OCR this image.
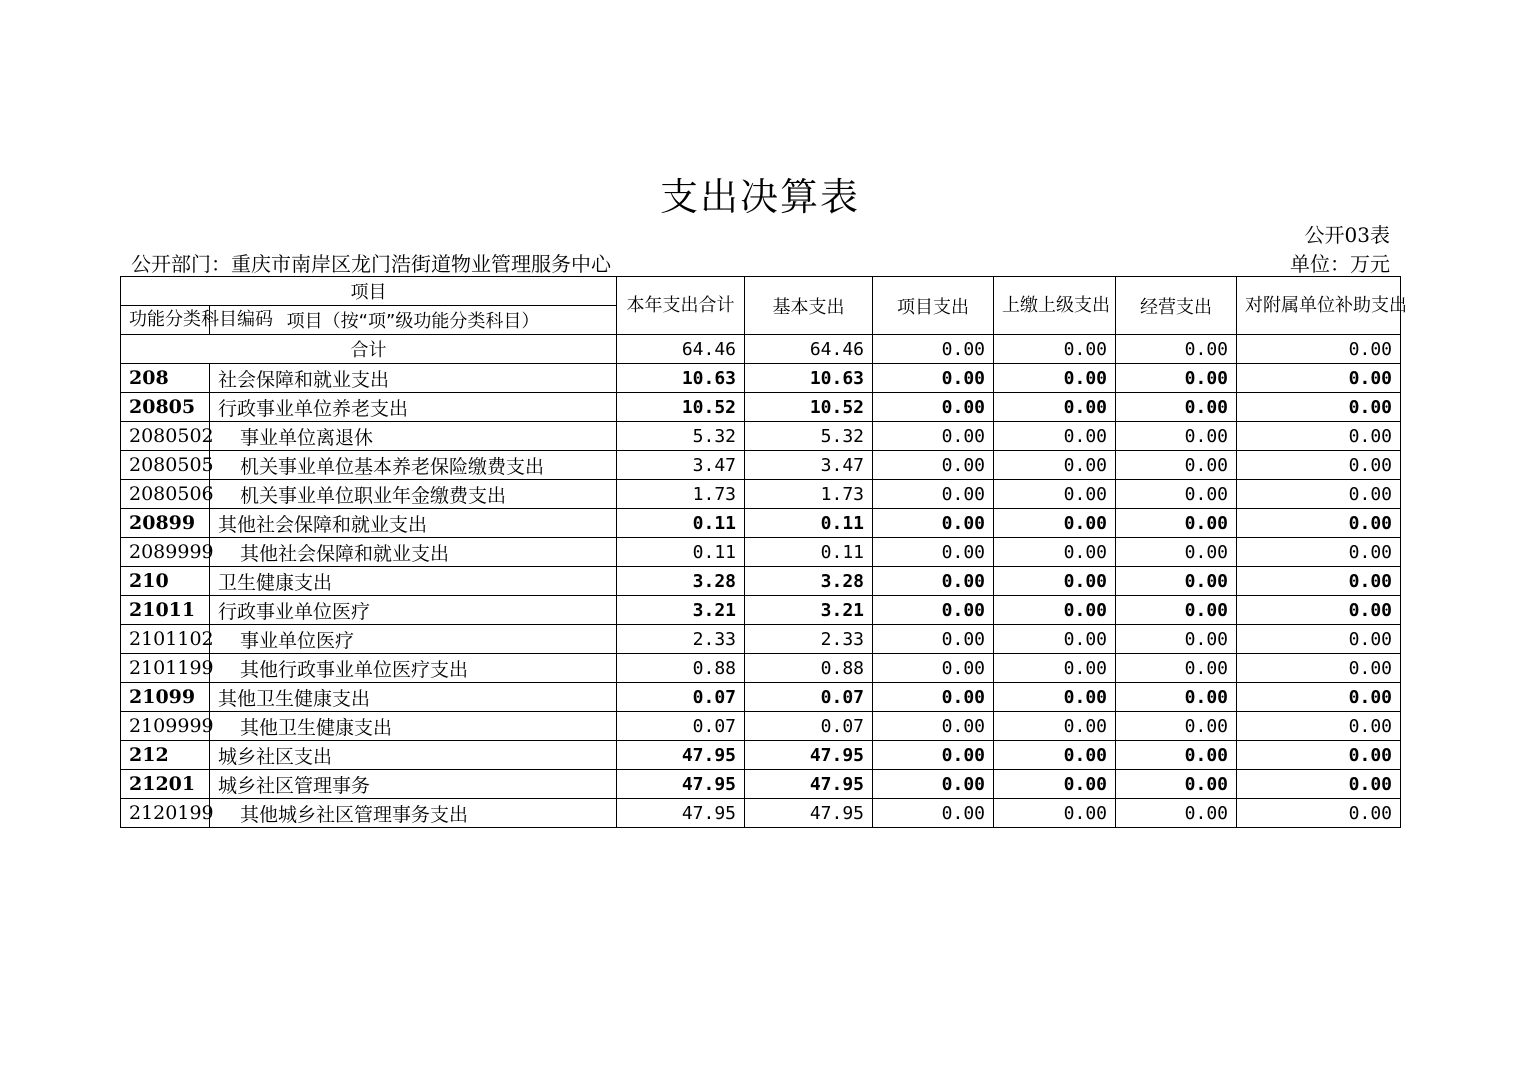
支出决算表
公开03表
公开部门：重庆市南岸区龙门浩街道物业管理服务中心	单位：万元
项目		本年支出合计	基本支出	项目支出	上缴上级支出	经营支出	对附属单位补助支出
功能分类科目编码	项目（按“项”级功能分类科目）						
合计		64.46	64.46	0.00	0.00	0.00	0.00
208	社会保障和就业支出	10.63	10.63	0.00	0.00	0.00	0.00
20805	行政事业单位养老支出	10.52	10.52	0.00	0.00	0.00	0.00
2080502	事业单位离退休	5.32	5.32	0.00	0.00	0.00	0.00
2080505	机关事业单位基本养老保险缴费支出	3.47	3.47	0.00	0.00	0.00	0.00
2080506	机关事业单位职业年金缴费支出	1.73	1.73	0.00	0.00	0.00	0.00
20899	其他社会保障和就业支出	0.11	0.11	0.00	0.00	0.00	0.00
2089999	其他社会保障和就业支出	0.11	0.11	0.00	0.00	0.00	0.00
210	卫生健康支出	3.28	3.28	0.00	0.00	0.00	0.00
21011	行政事业单位医疗	3.21	3.21	0.00	0.00	0.00	0.00
2101102	事业单位医疗	2.33	2.33	0.00	0.00	0.00	0.00
2101199	其他行政事业单位医疗支出	0.88	0.88	0.00	0.00	0.00	0.00
21099	其他卫生健康支出	0.07	0.07	0.00	0.00	0.00	0.00
2109999	其他卫生健康支出	0.07	0.07	0.00	0.00	0.00	0.00
212	城乡社区支出	47.95	47.95	0.00	0.00	0.00	0.00
21201	城乡社区管理事务	47.95	47.95	0.00	0.00	0.00	0.00
2120199	其他城乡社区管理事务支出	47.95	47.95	0.00	0.00	0.00	0.00
